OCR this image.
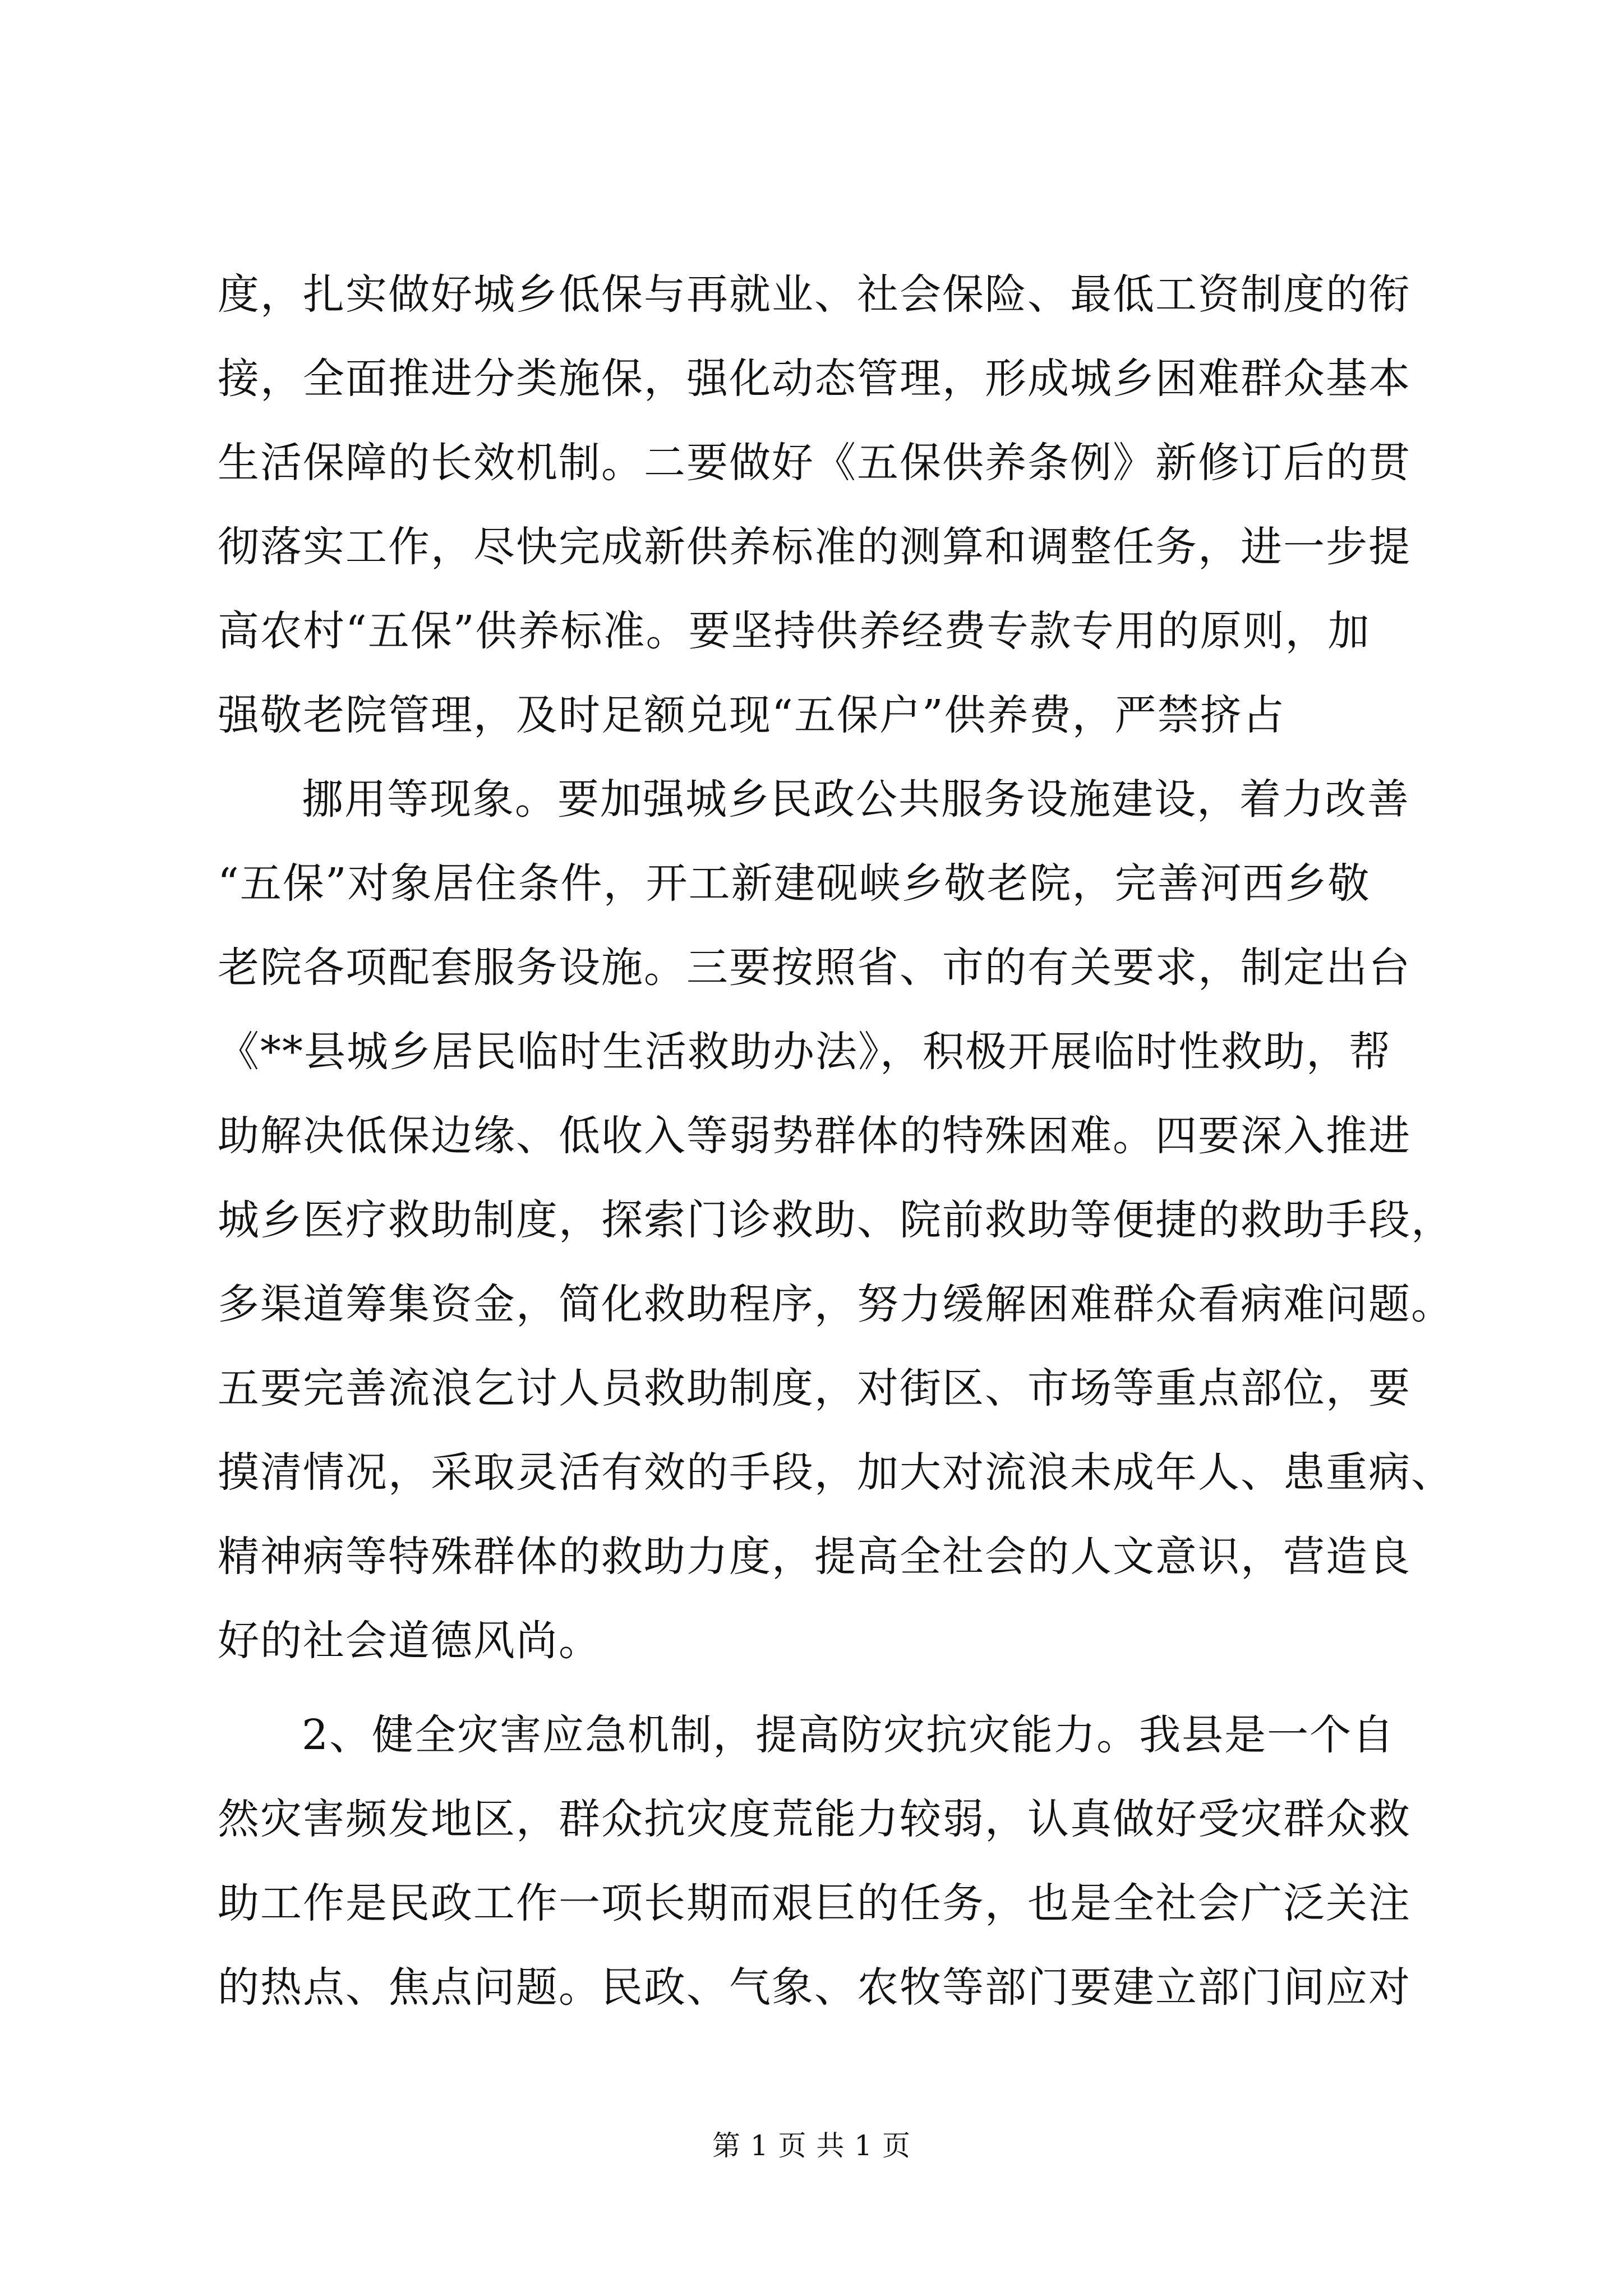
度，扎实做好城乡低保与再就业、社会保险、最低工资制度的衔
接，全面推进分类施保，强化动态管理，形成城乡困难群众基本
生活保障的长效机制。二要做好《五保供养条例》新修订后的贯
彻落实工作，尽快完成新供养标准的测算和调整任务，进一步提
高农村“五保”供养标准。要坚持供养经费专款专用的原则，加
强敬老院管理，及时足额兑现“五保户”供养费，严禁挤占
挪用等现象。要加强城乡民政公共服务设施建设，着力改善
“五保”对象居住条件，开工新建砚峡乡敬老院，完善河西乡敬
老院各项配套服务设施。三要按照省、市的有关要求，制定出台
《**县城乡居民临时生活救助办法》，积极开展临时性救助，帮
助解决低保边缘、低收入等弱势群体的特殊困难。四要深入推进
城乡医疗救助制度，探索门诊救助、院前救助等便捷的救助手段，
多渠道筹集资金，简化救助程序，努力缓解困难群众看病难问题。
五要完善流浪乞讨人员救助制度，对街区、市场等重点部位，要
摸清情况，采取灵活有效的手段，加大对流浪未成年人、患重病、
精神病等特殊群体的救助力度，提高全社会的人文意识，营造良
好的社会道德风尚。
2、健全灾害应急机制，提高防灾抗灾能力。我县是一个自
然灾害频发地区，群众抗灾度荒能力较弱，认真做好受灾群众救
助工作是民政工作一项长期而艰巨的任务，也是全社会广泛关注
的热点、焦点问题。民政、气象、农牧等部门要建立部门间应对
第 1 页 共 1 页
